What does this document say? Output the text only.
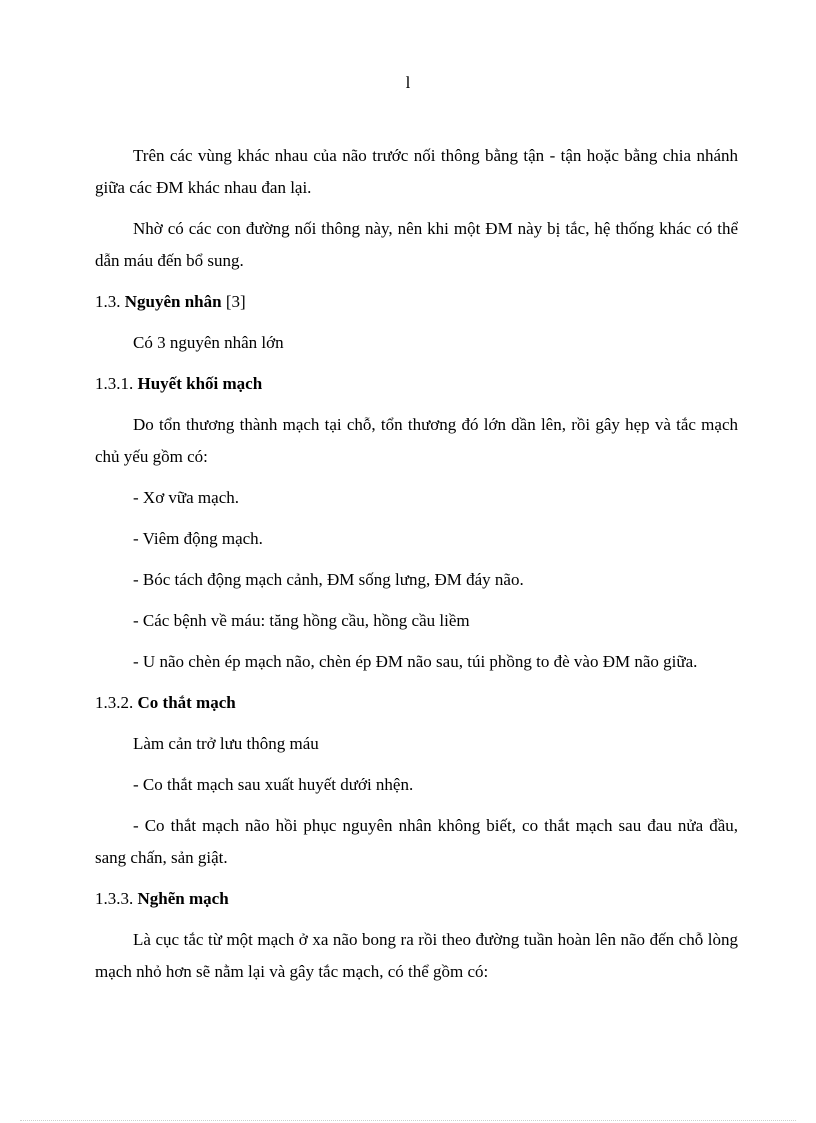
l

Trên các vùng khác nhau của não trước nối thông bằng tận - tận hoặc bằng chia nhánh giữa các ĐM khác nhau đan lại.

Nhờ có các con đường nối thông này, nên khi một ĐM này bị tắc, hệ thống khác có thể dẫn máu đến bổ sung.

1.3. Nguyên nhân [3]

Có 3 nguyên nhân lớn

1.3.1. Huyết khối mạch

Do tổn thương thành mạch tại chỗ, tổn thương đó lớn dần lên, rồi gây hẹp và tắc mạch chủ yếu gồm có:

- Xơ vữa mạch.

- Viêm động mạch.

- Bóc tách động mạch cảnh, ĐM sống lưng, ĐM đáy não.

- Các bệnh về máu: tăng hồng cầu, hồng cầu liềm

- U não chèn ép mạch não, chèn ép ĐM não sau, túi phồng to đè vào ĐM não giữa.

1.3.2. Co thắt mạch

Làm cản trở lưu thông máu

- Co thắt mạch sau xuất huyết dưới nhện.

- Co thắt mạch não hồi phục nguyên nhân không biết, co thắt mạch sau đau nửa đầu, sang chấn, sản giật.

1.3.3. Nghẽn mạch

Là cục tắc từ một mạch ở xa não bong ra rồi theo đường tuần hoàn lên não đến chỗ lòng mạch nhỏ hơn sẽ nằm lại và gây tắc mạch, có thể gồm có:
